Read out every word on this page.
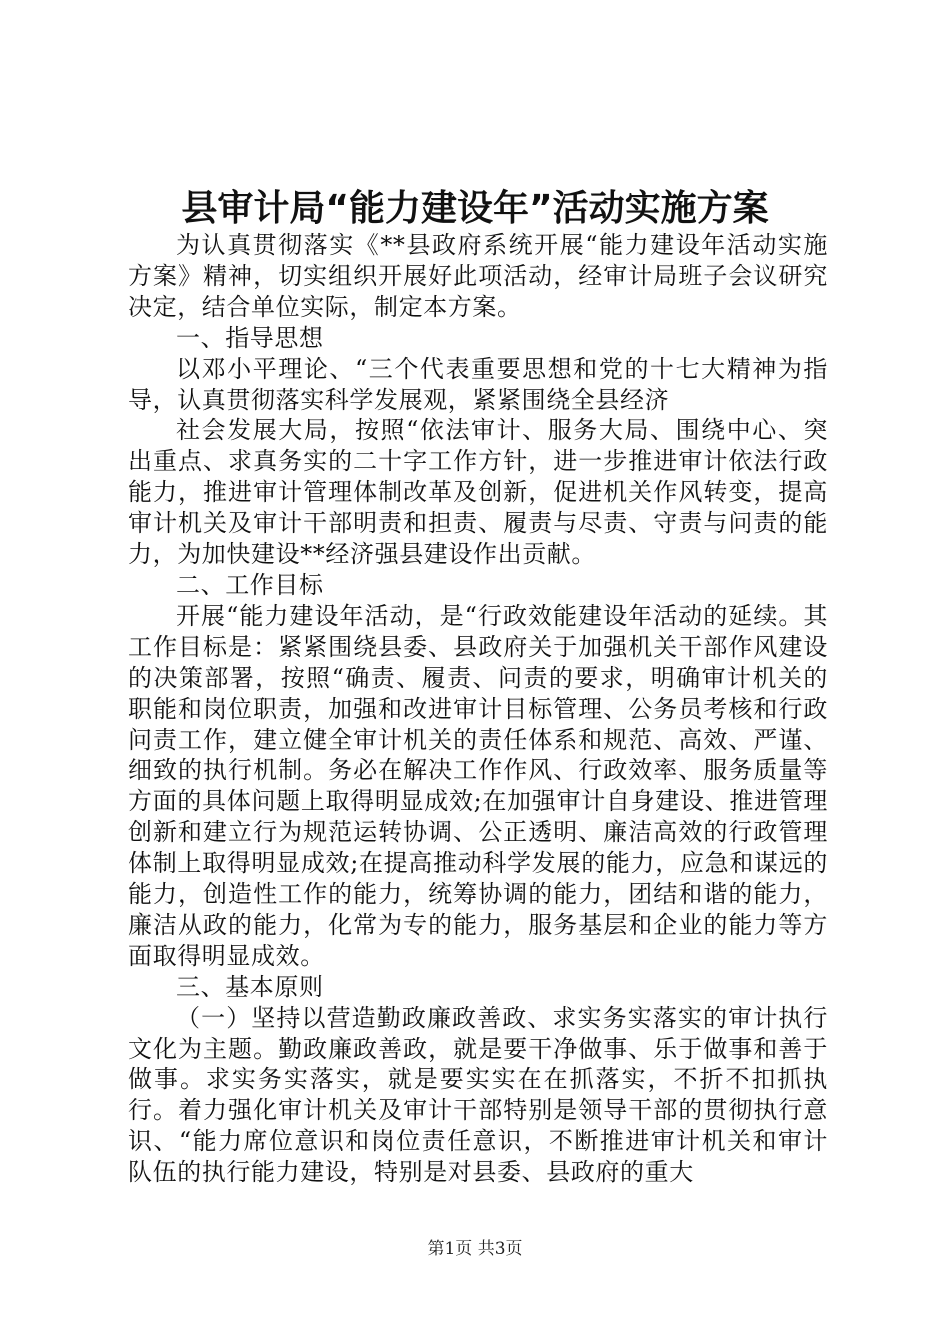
县审计局“能力建设年”活动实施方案

为认真贯彻落实《**县政府系统开展“能力建设年活动实施方案》精神，切实组织开展好此项活动，经审计局班子会议研究决定，结合单位实际，制定本方案。

一、指导思想

以邓小平理论、“三个代表重要思想和党的十七大精神为指导，认真贯彻落实科学发展观，紧紧围绕全县经济

社会发展大局，按照“依法审计、服务大局、围绕中心、突出重点、求真务实的二十字工作方针，进一步推进审计依法行政能力，推进审计管理体制改革及创新，促进机关作风转变，提高审计机关及审计干部明责和担责、履责与尽责、守责与问责的能力，为加快建设**经济强县建设作出贡献。

二、工作目标

开展“能力建设年活动，是“行政效能建设年活动的延续。其工作目标是：紧紧围绕县委、县政府关于加强机关干部作风建设的决策部署，按照“确责、履责、问责的要求，明确审计机关的职能和岗位职责，加强和改进审计目标管理、公务员考核和行政问责工作，建立健全审计机关的责任体系和规范、高效、严谨、细致的执行机制。务必在解决工作作风、行政效率、服务质量等方面的具体问题上取得明显成效;在加强审计自身建设、推进管理创新和建立行为规范运转协调、公正透明、廉洁高效的行政管理体制上取得明显成效;在提高推动科学发展的能力，应急和谋远的能力，创造性工作的能力，统筹协调的能力，团结和谐的能力，廉洁从政的能力，化常为专的能力，服务基层和企业的能力等方面取得明显成效。

三、基本原则

（一）坚持以营造勤政廉政善政、求实务实落实的审计执行文化为主题。勤政廉政善政，就是要干净做事、乐于做事和善于做事。求实务实落实，就是要实实在在抓落实，不折不扣抓执行。着力强化审计机关及审计干部特别是领导干部的贯彻执行意识、“能力席位意识和岗位责任意识，不断推进审计机关和审计队伍的执行能力建设，特别是对县委、县政府的重大

第1页 共3页
